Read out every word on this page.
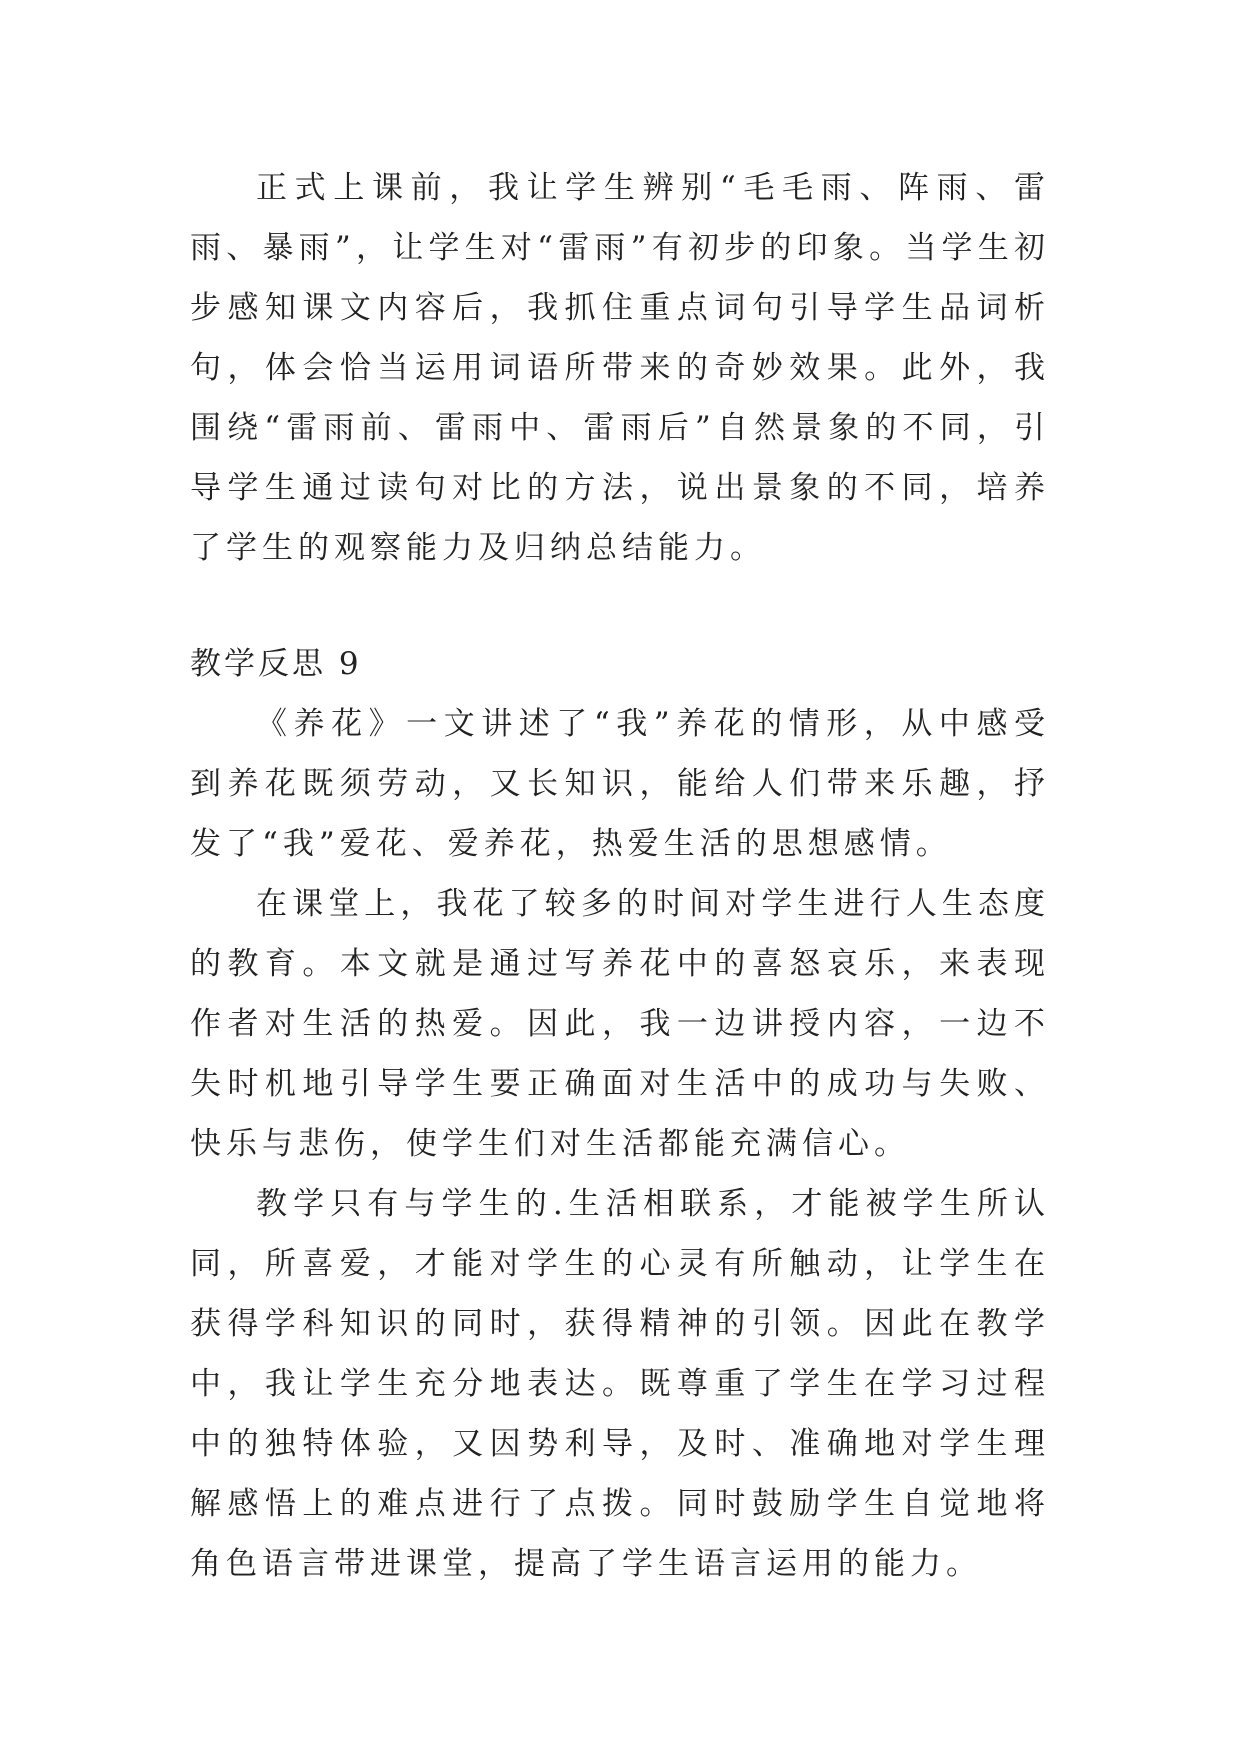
正式上课前，我让学生辨别“毛毛雨、阵雨、雷雨、暴雨”，让学生对“雷雨”有初步的印象。当学生初步感知课文内容后，我抓住重点词句引导学生品词析句，体会恰当运用词语所带来的奇妙效果。此外，我围绕“雷雨前、雷雨中、雷雨后”自然景象的不同，引导学生通过读句对比的方法，说出景象的不同，培养了学生的观察能力及归纳总结能力。

教学反思 9

《养花》一文讲述了“我”养花的情形，从中感受到养花既须劳动，又长知识，能给人们带来乐趣，抒发了“我”爱花、爱养花，热爱生活的思想感情。

在课堂上，我花了较多的时间对学生进行人生态度的教育。本文就是通过写养花中的喜怒哀乐，来表现作者对生活的热爱。因此，我一边讲授内容，一边不失时机地引导学生要正确面对生活中的成功与失败、快乐与悲伤，使学生们对生活都能充满信心。

教学只有与学生的.生活相联系，才能被学生所认同，所喜爱，才能对学生的心灵有所触动，让学生在获得学科知识的同时，获得精神的引领。因此在教学中，我让学生充分地表达。既尊重了学生在学习过程中的独特体验，又因势利导，及时、准确地对学生理解感悟上的难点进行了点拨。同时鼓励学生自觉地将角色语言带进课堂，提高了学生语言运用的能力。
